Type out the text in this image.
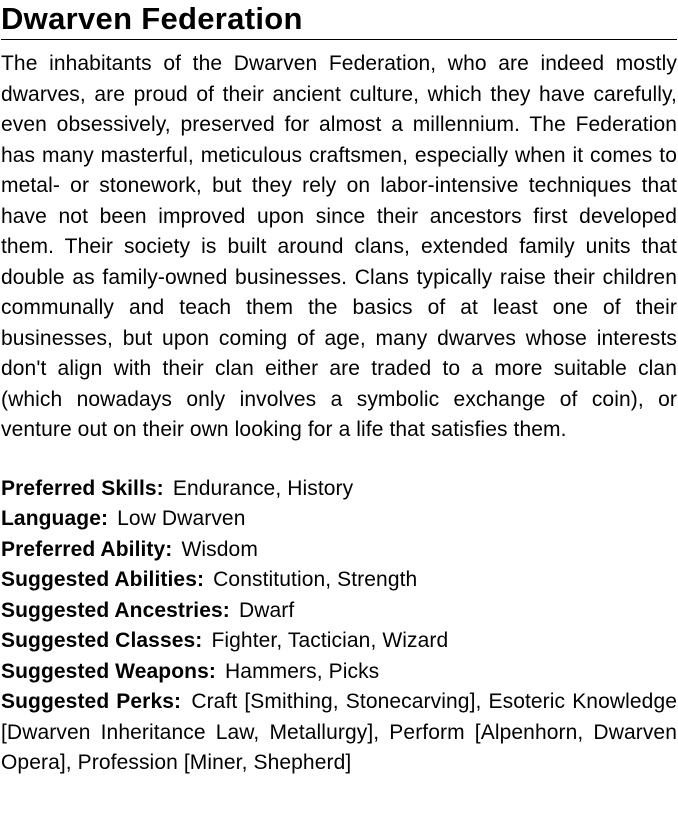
Dwarven Federation

The inhabitants of the Dwarven Federation, who are indeed mostly dwarves, are proud of their ancient culture, which they have carefully, even obsessively, preserved for almost a millennium. The Federation has many masterful, meticulous craftsmen, especially when it comes to metal- or stonework, but they rely on labor-intensive techniques that have not been improved upon since their ancestors first developed them. Their society is built around clans, extended family units that double as family-owned businesses. Clans typically raise their children communally and teach them the basics of at least one of their businesses, but upon coming of age, many dwarves whose interests don't align with their clan either are traded to a more suitable clan (which nowadays only involves a symbolic exchange of coin), or venture out on their own looking for a life that satisfies them.

Preferred Skills: Endurance, History

Language: Low Dwarven

Preferred Ability: Wisdom

Suggested Abilities: Constitution, Strength

Suggested Ancestries: Dwarf

Suggested Classes: Fighter, Tactician, Wizard

Suggested Weapons: Hammers, Picks

Suggested Perks: Craft [Smithing, Stonecarving], Esoteric Knowledge [Dwarven Inheritance Law, Metallurgy], Perform [Alpenhorn, Dwarven Opera], Profession [Miner, Shepherd]
